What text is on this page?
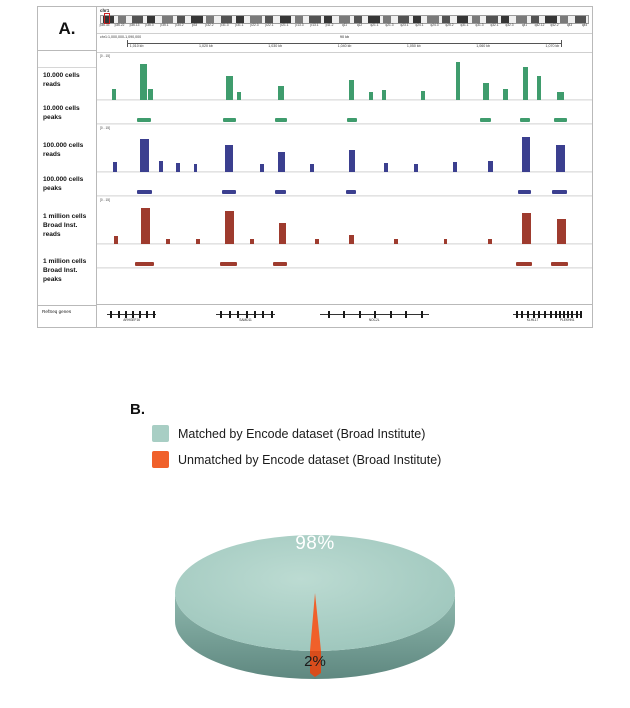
A.
10.000 cells reads
10.000 cells peaks
100.000 cells reads
100.000 cells peaks
1 million cells Broad Inst. reads
1 million cells Broad Inst. peaks
RefSeq genes
chr1
p36.33 p36.22 p36.13 p35.3 p35.1 p34.2	p33	p32.2 p31.3 p31.1 p22.3 p22.1 p21.1 p13.3 p13.1 p11.2	q11	q12	q21.1 q21.3 q23.1 q24.1 q24.3 q25.2 q31.1 q31.3 q32.1 q32.3	q41 q42.12 q42.2	q43	q44
chr1:1,000,000-1,090,000	90 kb
1,010 kb	1,020 kb	1,030 kb	1,040 kb	1,050 kb	1,060 kb	1,070 kb
[0 - 15]
[0 - 15]
[0 - 15]
ARHGEF16	SAMD11	NOC2L	KLHL17	PLEKHN1
B.
Matched by Encode dataset (Broad Institute)
Unmatched by Encode dataset (Broad Institute)
98%
2%
